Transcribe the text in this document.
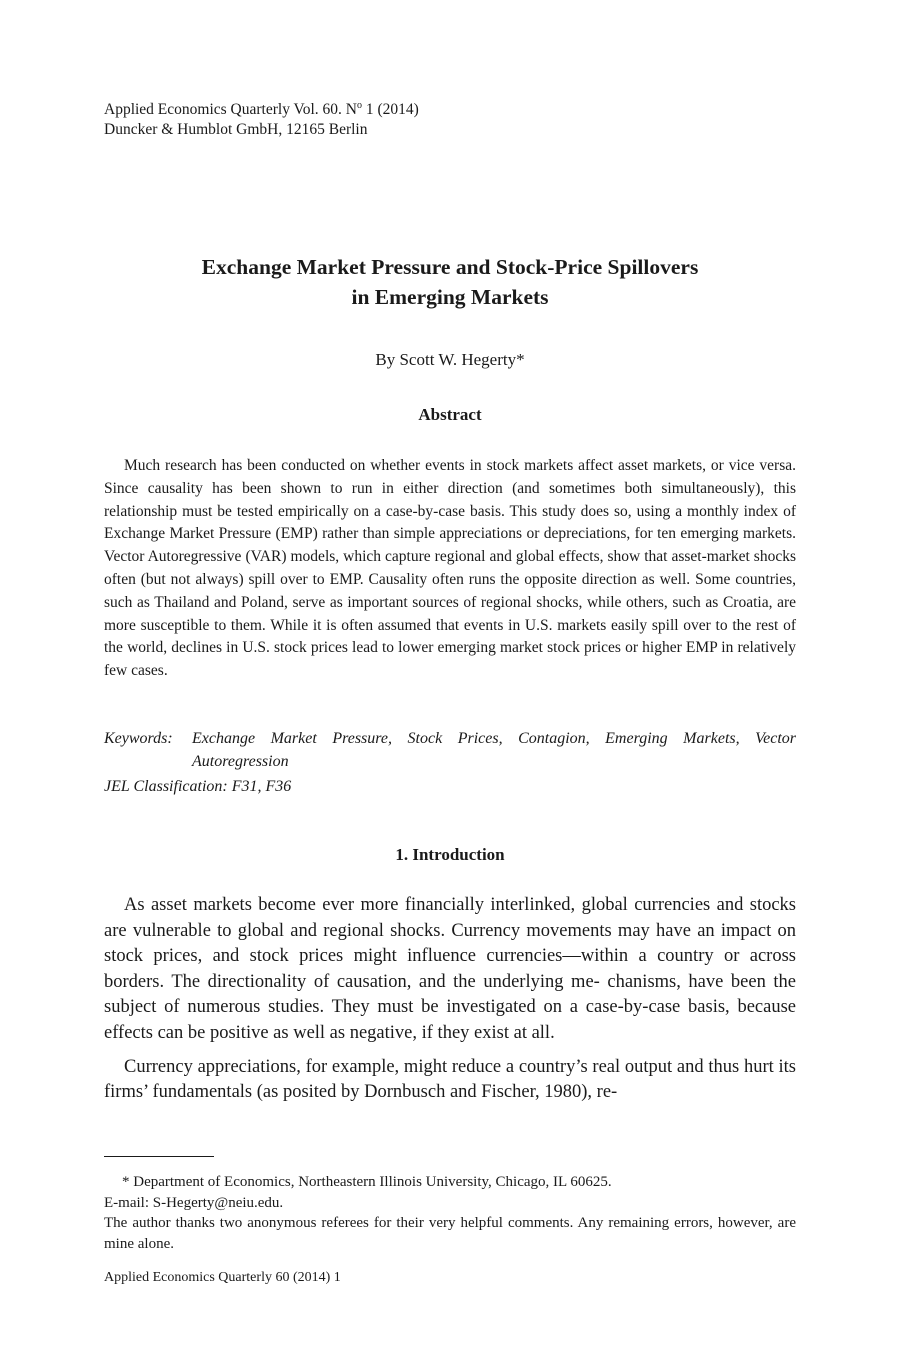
Applied Economics Quarterly Vol. 60. $N^o$ 1 (2014)
Duncker & Humblot GmbH, 12165 Berlin
Exchange Market Pressure and Stock-Price Spillovers
in Emerging Markets
By Scott W. Hegerty*
Abstract

Much research has been conducted on whether events in stock markets affect asset markets, or vice versa. Since causality has been shown to run in either direction (and sometimes both simultaneously), this relationship must be tested empirically on a case-by-case basis. This study does so, using a monthly index of Exchange Market Pressure (EMP) rather than simple appreciations or depreciations, for ten emerging markets. Vector Autoregressive (VAR) models, which capture regional and global effects, show that asset-market shocks often (but not always) spill over to EMP. Causality often runs the opposite direction as well. Some countries, such as Thailand and Poland, serve as important sources of regional shocks, while others, such as Croatia, are more susceptible to them. While it is often assumed that events in U.S. markets easily spill over to the rest of the world, declines in U.S. stock prices lead to lower emerging market stock prices or higher EMP in relatively few cases.

Keywords:	Exchange Market Pressure, Stock Prices, Contagion, Emerging Markets, Vector Autoregression
JEL Classification: F31, F36
1. Introduction

As asset markets become ever more financially interlinked, global currencies and stocks are vulnerable to global and regional shocks. Currency movements may have an impact on stock prices, and stock prices might influence currencies—within a country or across borders. The directionality of causation, and the underlying me- chanisms, have been the subject of numerous studies. They must be investigated on a case-by-case basis, because effects can be positive as well as negative, if they exist at all.

Currency appreciations, for example, might reduce a country’s real output and thus hurt its firms’ fundamentals (as posited by Dornbusch and Fischer, 1980), re-

* Department of Economics, Northeastern Illinois University, Chicago, IL 60625.
E-mail: S-Hegerty@neiu.edu.
The author thanks two anonymous referees for their very helpful comments. Any remaining errors, however, are mine alone.
Applied Economics Quarterly 60 (2014) 1
